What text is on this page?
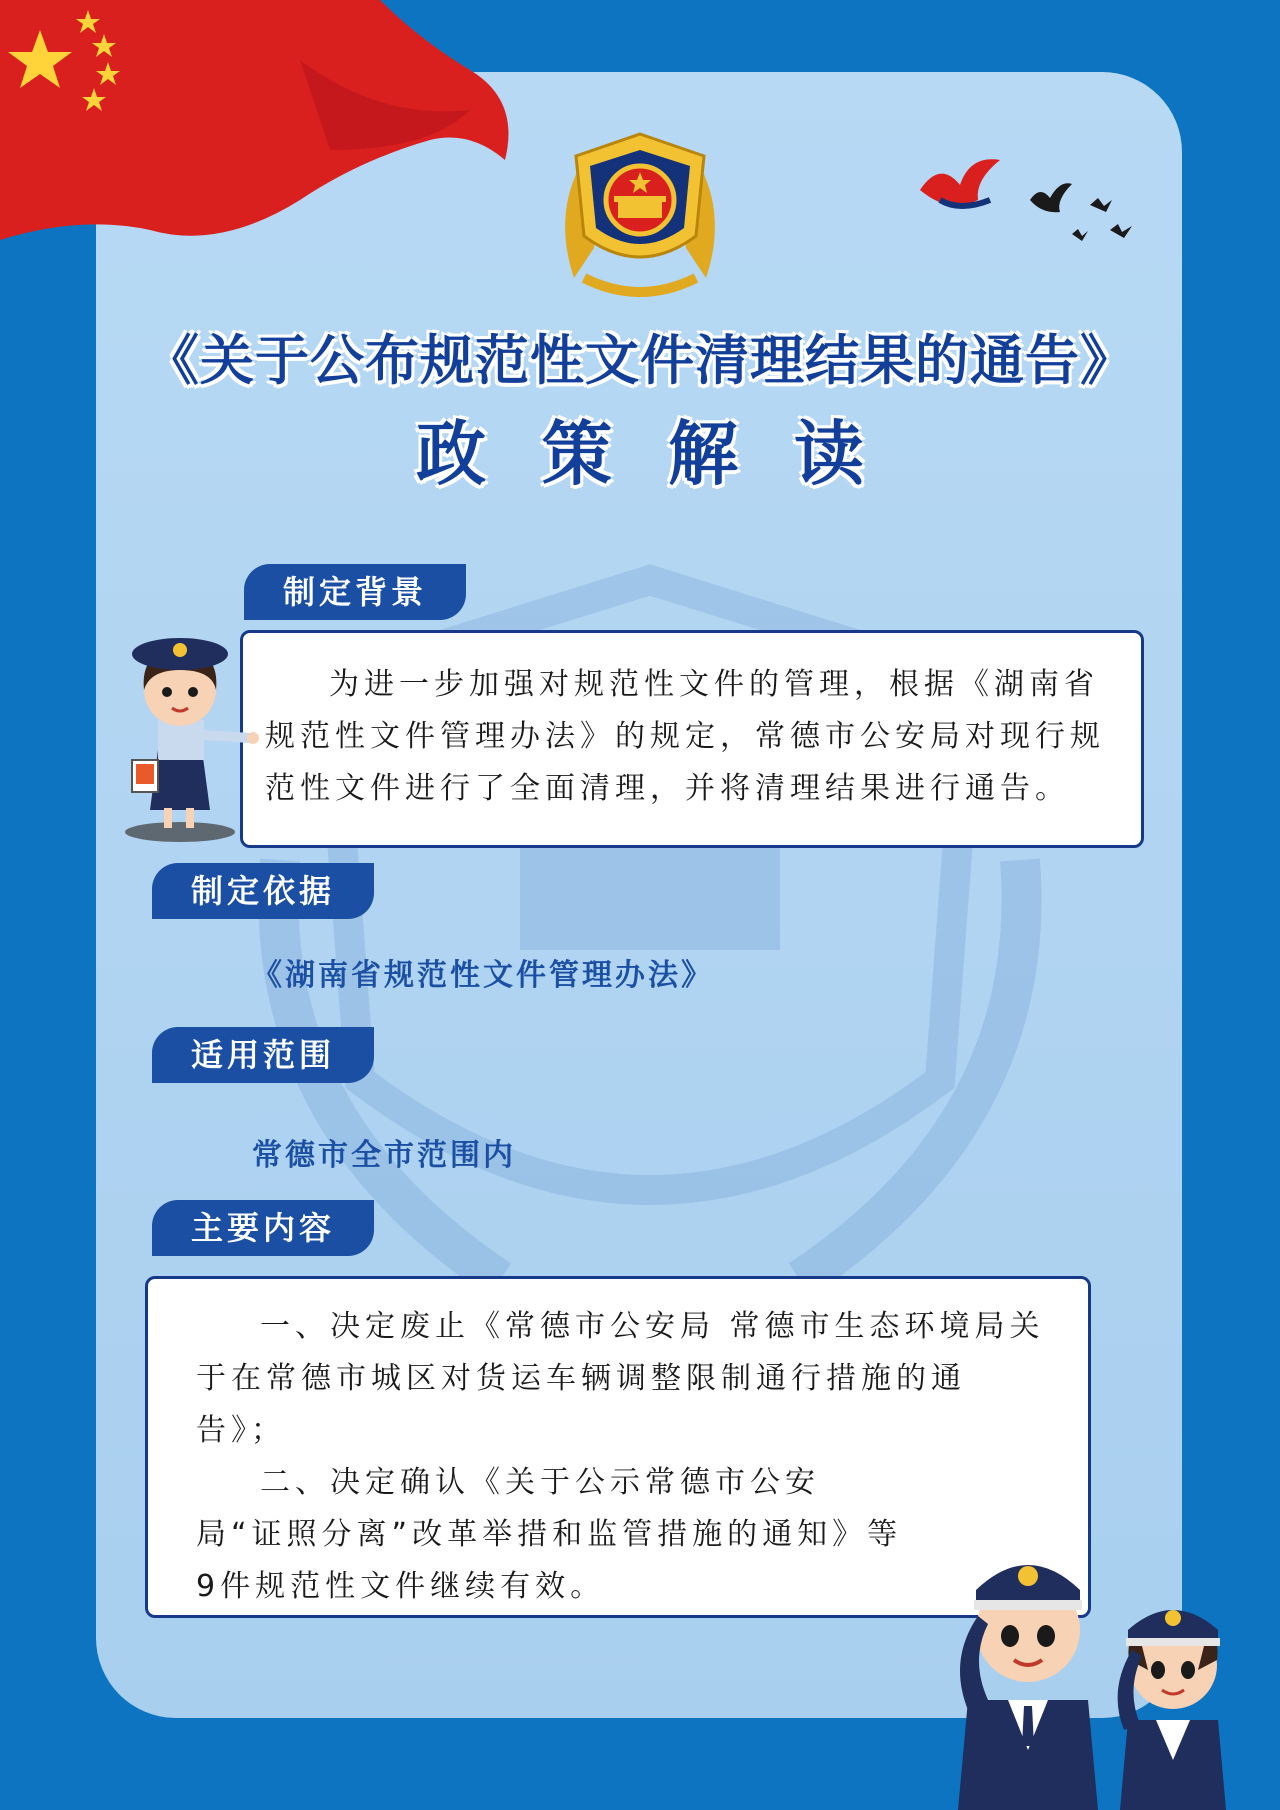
《关于公布规范性文件清理结果的通告》
政策解读
制定背景

为进一步加强对规范性文件的管理，根据《湖南省规范性文件管理办法》的规定，常德市公安局对现行规范性文件进行了全面清理，并将清理结果进行通告。

制定依据

《湖南省规范性文件管理办法》

适用范围

常德市全市范围内

主要内容

一、决定废止《常德市公安局 常德市生态环境局关于在常德市城区对货运车辆调整限制通行措施的通告》；

二、决定确认《关于公示常德市公安局“证照分离”改革举措和监管措施的通知》等9件规范性文件继续有效。
